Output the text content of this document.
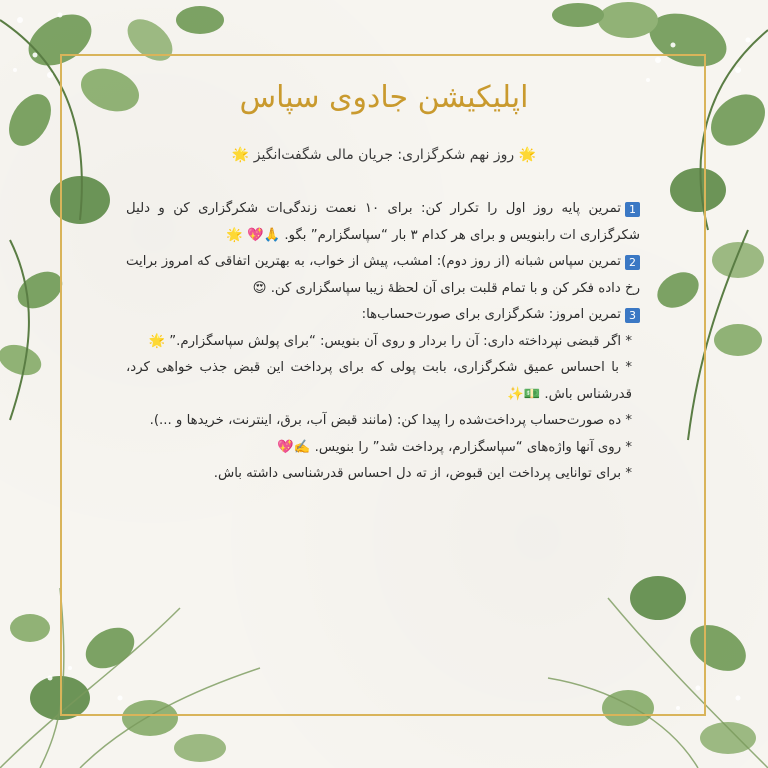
اپلیکیشن جادوی سپاس
🌟 روز نهم شکرگزاری: جریان مالی شگفت‌انگیز 🌟

1تمرین پایه روز اول را تکرار کن: برای ۱۰ نعمت زندگی‌ات شکرگزاری کن و دلیل شکرگزاری ات رابنویس و برای هر کدام ۳ بار “سپاسگزارم” بگو. 🙏💖 🌟

2تمرین سپاس شبانه (از روز دوم): امشب، پیش از خواب، به بهترین اتفاقی که امروز برایت رخ داده فکر کن و با تمام قلبت برای آن لحظهٔ زیبا سپاسگزاری کن. 😍

3تمرین امروز: شکرگزاری برای صورت‌حساب‌ها:

* اگر قبضی نپرداخته داری: آن را بردار و روی آن بنویس: “برای پولش سپاسگزارم.” 🌟

* با احساس عمیق شکرگزاری، بابت پولی که برای پرداخت این قبض جذب خواهی کرد، قدرشناس باش. 💵✨

* ده صورت‌حساب پرداخت‌شده را پیدا کن: (مانند قبض آب، برق، اینترنت، خریدها و ...).

* روی آنها واژه‌های “سپاسگزارم، پرداخت شد” را بنویس. ✍️💖

* برای توانایی پرداخت این قبوض، از ته دل احساس قدرشناسی داشته باش.
